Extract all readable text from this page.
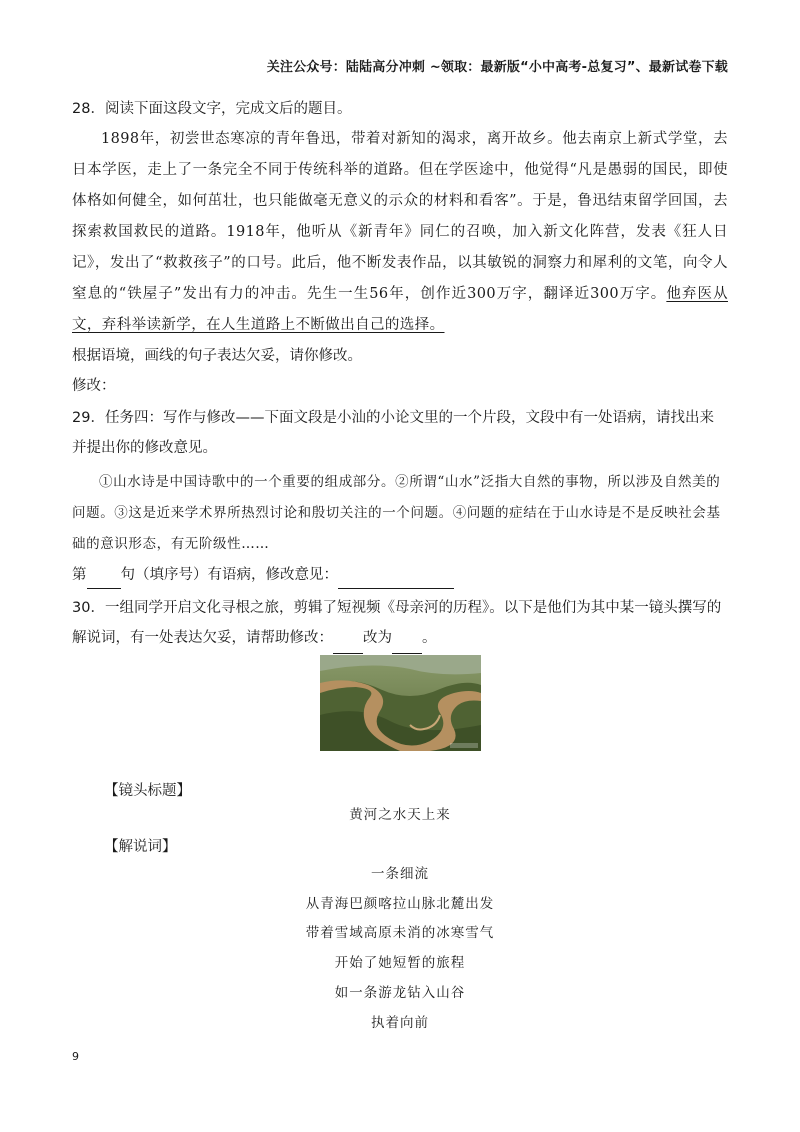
关注公众号：陆陆高分冲刺 ~领取：最新版“小中高考-总复习”、最新试卷下载

28．阅读下面这段文字，完成文后的题目。

1898年，初尝世态寒凉的青年鲁迅，带着对新知的渴求，离开故乡。他去南京上新式学堂，去日本学医，走上了一条完全不同于传统科举的道路。但在学医途中，他觉得“凡是愚弱的国民，即使体格如何健全，如何茁壮，也只能做毫无意义的示众的材料和看客”。于是，鲁迅结束留学回国，去探索救国救民的道路。1918年，他听从《新青年》同仁的召唤，加入新文化阵营，发表《狂人日记》，发出了“救救孩子”的口号。此后，他不断发表作品，以其敏锐的洞察力和犀利的文笔，向令人窒息的“铁屋子”发出有力的冲击。先生一生56年，创作近300万字，翻译近300万字。他弃医从文，弃科举读新学，在人生道路上不断做出自己的选择。

根据语境，画线的句子表达欠妥，请你修改。

修改：

29．任务四：写作与修改——下面文段是小汕的小论文里的一个片段，文段中有一处语病，请找出来并提出你的修改意见。

①山水诗是中国诗歌中的一个重要的组成部分。②所谓“山水”泛指大自然的事物，所以涉及自然美的问题。③这是近来学术界所热烈讨论和殷切关注的一个问题。④问题的症结在于山水诗是不是反映社会基础的意识形态，有无阶级性……

第 句（填序号）有语病，修改意见：

30．一组同学开启文化寻根之旅，剪辑了短视频《母亲河的历程》。以下是他们为其中某一镜头撰写的解说词，有一处表达欠妥，请帮助修改： 改为 。

【镜头标题】
黄河之水天上来
【解说词】
一条细流
从青海巴颜喀拉山脉北麓出发
带着雪域高原未消的冰寒雪气
开始了她短暂的旅程
如一条游龙钻入山谷
执着向前
9
